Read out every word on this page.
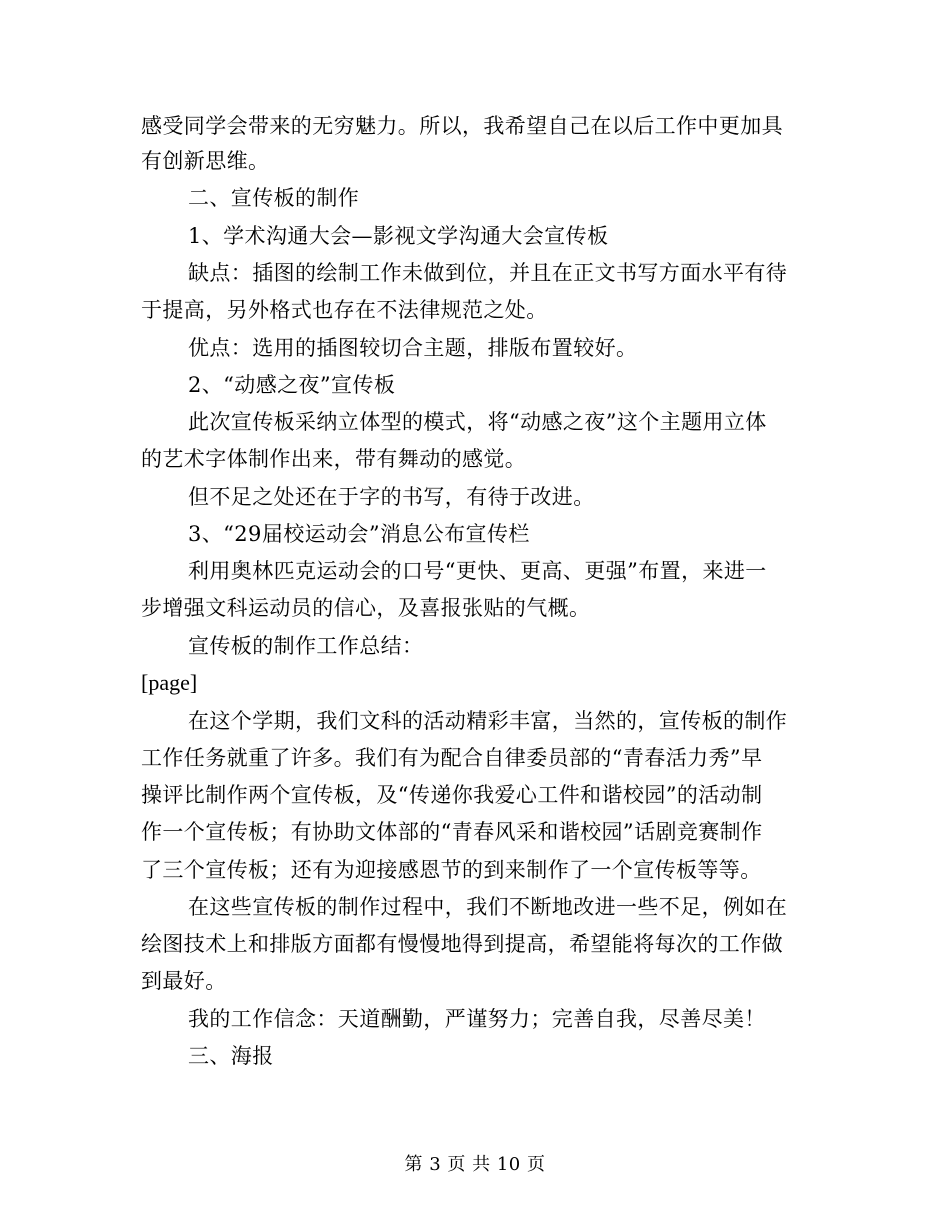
感受同学会带来的无穷魅力。所以，我希望自己在以后工作中更加具
有创新思维。
二、宣传板的制作
1、学术沟通大会—影视文学沟通大会宣传板
缺点：插图的绘制工作未做到位，并且在正文书写方面水平有待
于提高，另外格式也存在不法律规范之处。
优点：选用的插图较切合主题，排版布置较好。
2、“动感之夜”宣传板
此次宣传板采纳立体型的模式，将“动感之夜”这个主题用立体
的艺术字体制作出来，带有舞动的感觉。
但不足之处还在于字的书写，有待于改进。
3、“29届校运动会”消息公布宣传栏
利用奥林匹克运动会的口号“更快、更高、更强”布置，来进一
步增强文科运动员的信心，及喜报张贴的气概。
宣传板的制作工作总结：
[page]
在这个学期，我们文科的活动精彩丰富，当然的，宣传板的制作
工作任务就重了许多。我们有为配合自律委员部的“青春活力秀”早
操评比制作两个宣传板，及“传递你我爱心工件和谐校园”的活动制
作一个宣传板；有协助文体部的“青春风采和谐校园”话剧竞赛制作
了三个宣传板；还有为迎接感恩节的到来制作了一个宣传板等等。
在这些宣传板的制作过程中，我们不断地改进一些不足，例如在
绘图技术上和排版方面都有慢慢地得到提高，希望能将每次的工作做
到最好。
我的工作信念：天道酬勤，严谨努力；完善自我，尽善尽美！
三、海报
第 3 页 共 10 页
